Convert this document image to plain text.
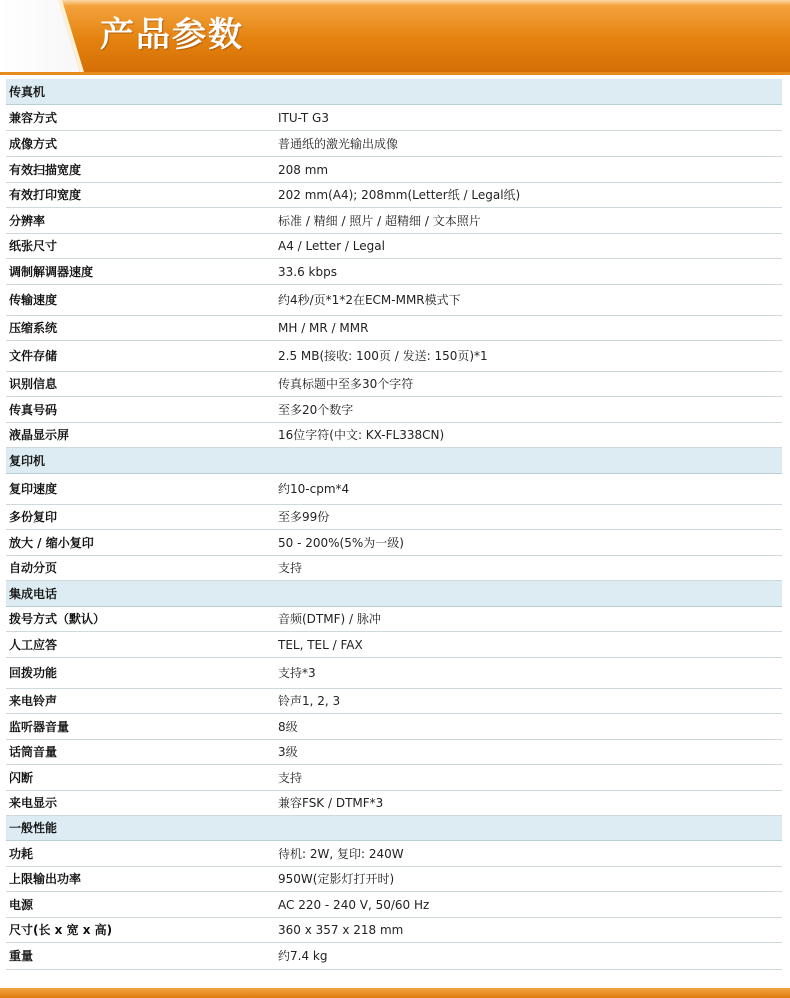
产品参数
传真机
兼容方式	ITU-T G3
成像方式	普通纸的激光输出成像
有效扫描宽度	208 mm
有效打印宽度	202 mm(A4); 208mm(Letter纸 / Legal纸)
分辨率	标准 / 精细 / 照片 / 超精细 / 文本照片
纸张尺寸	A4 / Letter / Legal
调制解调器速度	33.6 kbps
传输速度	约4秒/页*1*2在ECM-MMR模式下
压缩系统	MH / MR / MMR
文件存储	2.5 MB(接收: 100页 / 发送: 150页)*1
识别信息	传真标题中至多30个字符
传真号码	至多20个数字
液晶显示屏	16位字符(中文: KX-FL338CN)
复印机
复印速度	约10-cpm*4
多份复印	至多99份
放大 / 缩小复印	50 - 200%(5%为一级)
自动分页	支持
集成电话
拨号方式（默认）	音频(DTMF) / 脉冲
人工应答	TEL, TEL / FAX
回拨功能	支持*3
来电铃声	铃声1, 2, 3
监听器音量	8级
话筒音量	3级
闪断	支持
来电显示	兼容FSK / DTMF*3
一般性能
功耗	待机: 2W, 复印: 240W
上限输出功率	950W(定影灯打开时)
电源	AC 220 - 240 V, 50/60 Hz
尺寸(长 x 宽 x 高)	360 x 357 x 218 mm
重量	约7.4 kg
